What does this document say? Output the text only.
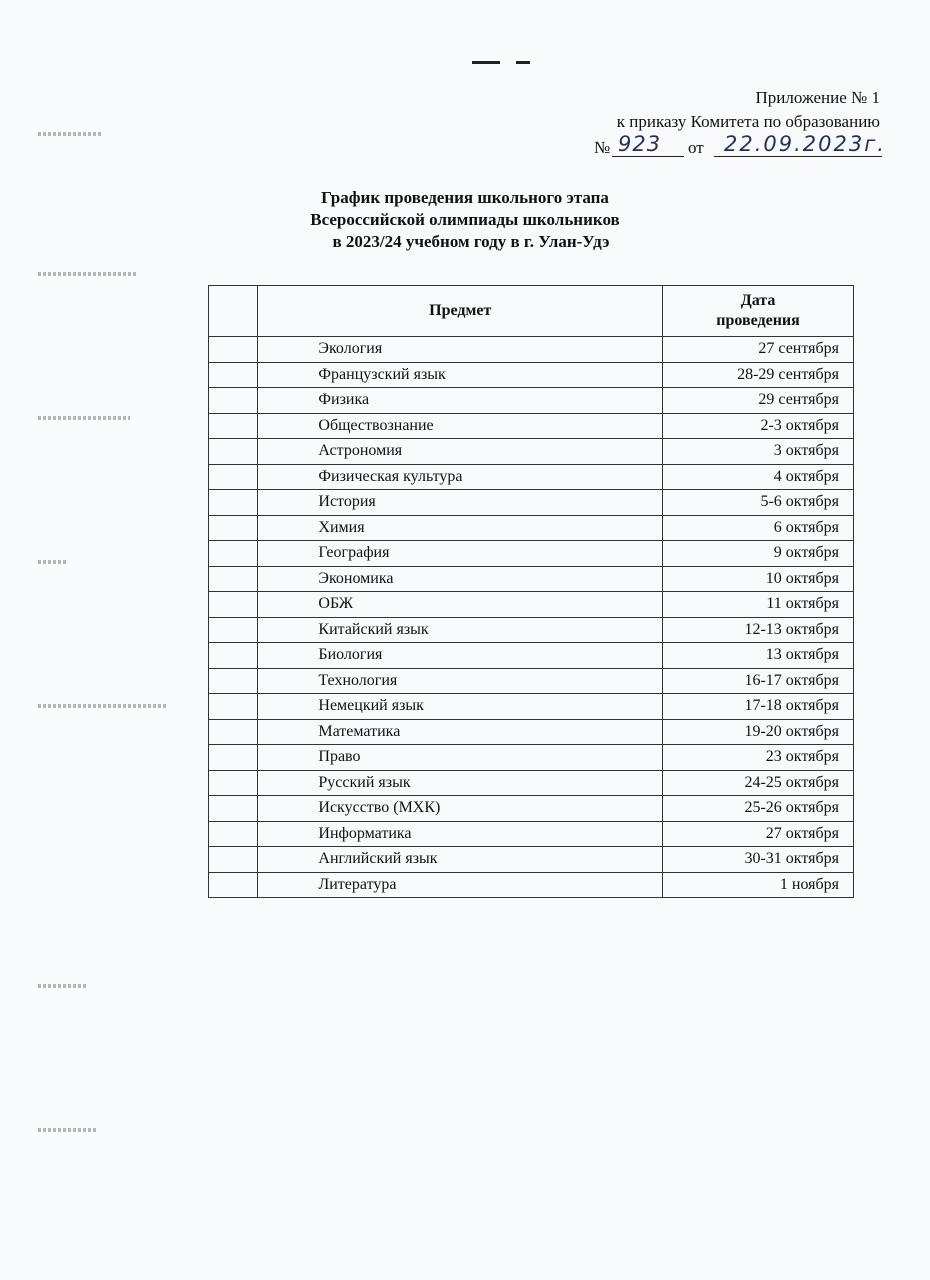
Приложение № 1
к приказу Комитета по образованию
№ 923 от 22.09.2023г.
График проведения школьного этапа
Всероссийской олимпиады школьников
в 2023/24 учебном году в г. Улан-Удэ
	Предмет	Дата
проведения
	Экология	27 сентября
	Французский язык	28-29 сентября
	Физика	29 сентября
	Обществознание	2-3 октября
	Астрономия	3 октября
	Физическая культура	4 октября
	История	5-6 октября
	Химия	6 октября
	География	9 октября
	Экономика	10 октября
	ОБЖ	11 октября
	Китайский язык	12-13 октября
	Биология	13 октября
	Технология	16-17 октября
	Немецкий язык	17-18 октября
	Математика	19-20 октября
	Право	23 октября
	Русский язык	24-25 октября
	Искусство (МХК)	25-26 октября
	Информатика	27 октября
	Английский язык	30-31 октября
	Литература	1 ноября
